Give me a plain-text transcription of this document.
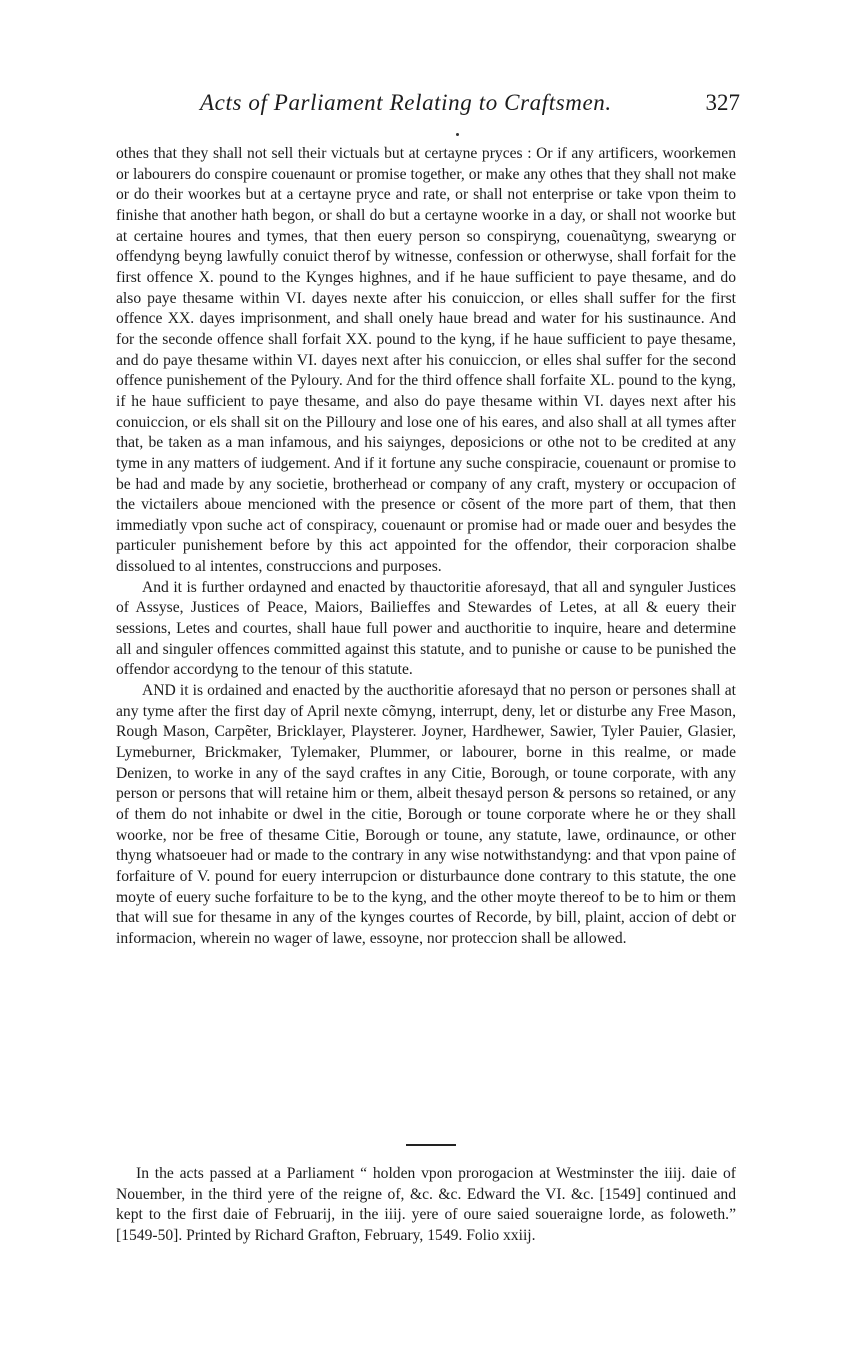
Acts of Parliament Relating to Craftsmen.	327

othes that they shall not sell their victuals but at certayne pryces : Or if any artificers, woorkemen or labourers do conspire couenaunt or promise together, or make any othes that they shall not make or do their woorkes but at a certayne pryce and rate, or shall not enterprise or take vpon theim to finishe that another hath begon, or shall do but a certayne woorke in a day, or shall not woorke but at certaine houres and tymes, that then euery person so conspiryng, couenaũtyng, swearyng or offendyng beyng lawfully conuict therof by witnesse, confession or otherwyse, shall forfait for the first offence X. pound to the Kynges highnes, and if he haue sufficient to paye thesame, and do also paye thesame within VI. dayes nexte after his conuiccion, or elles shall suffer for the first offence XX. dayes imprisonment, and shall onely haue bread and water for his sustinaunce. And for the seconde offence shall forfait XX. pound to the kyng, if he haue sufficient to paye thesame, and do paye thesame within VI. dayes next after his conuiccion, or elles shal suffer for the second offence punishement of the Pyloury. And for the third offence shall forfaite XL. pound to the kyng, if he haue sufficient to paye thesame, and also do paye thesame within VI. dayes next after his conuiccion, or els shall sit on the Pilloury and lose one of his eares, and also shall at all tymes after that, be taken as a man infamous, and his saiynges, deposicions or othe not to be credited at any tyme in any matters of iudgement. And if it fortune any suche conspiracie, couenaunt or promise to be had and made by any societie, brotherhead or company of any craft, mystery or occupacion of the victailers aboue mencioned with the presence or cõsent of the more part of them, that then immediatly vpon suche act of conspiracy, couenaunt or promise had or made ouer and besydes the particuler punishement before by this act appointed for the offendor, their corporacion shalbe dissolued to al intentes, construccions and purposes.

And it is further ordayned and enacted by thauctoritie aforesayd, that all and synguler Justices of Assyse, Justices of Peace, Maiors, Bailieffes and Stewardes of Letes, at all & euery their sessions, Letes and courtes, shall haue full power and aucthoritie to inquire, heare and determine all and singuler offences committed against this statute, and to punishe or cause to be punished the offendor accordyng to the tenour of this statute.

AND it is ordained and enacted by the aucthoritie aforesayd that no person or persones shall at any tyme after the first day of April nexte cõmyng, interrupt, deny, let or disturbe any Free Mason, Rough Mason, Carpẽter, Bricklayer, Playsterer. Joyner, Hardhewer, Sawier, Tyler Pauier, Glasier, Lymeburner, Brickmaker, Tylemaker, Plummer, or labourer, borne in this realme, or made Denizen, to worke in any of the sayd craftes in any Citie, Borough, or toune corporate, with any person or persons that will retaine him or them, albeit thesayd person & persons so retained, or any of them do not inhabite or dwel in the citie, Borough or toune corporate where he or they shall woorke, nor be free of thesame Citie, Borough or toune, any statute, lawe, ordinaunce, or other thyng whatsoeuer had or made to the contrary in any wise notwithstandyng: and that vpon paine of forfaiture of V. pound for euery interrupcion or disturbaunce done contrary to this statute, the one moyte of euery suche forfaiture to be to the kyng, and the other moyte thereof to be to him or them that will sue for thesame in any of the kynges courtes of Recorde, by bill, plaint, accion of debt or informacion, wherein no wager of lawe, essoyne, nor proteccion shall be allowed.

In the acts passed at a Parliament “ holden vpon prorogacion at Westminster the iiij. daie of Nouember, in the third yere of the reigne of, &c. &c. Edward the VI. &c. [1549] continued and kept to the first daie of Februarij, in the iiij. yere of oure saied soueraigne lorde, as foloweth.” [1549-50]. Printed by Richard Grafton, February, 1549. Folio xxiij.
